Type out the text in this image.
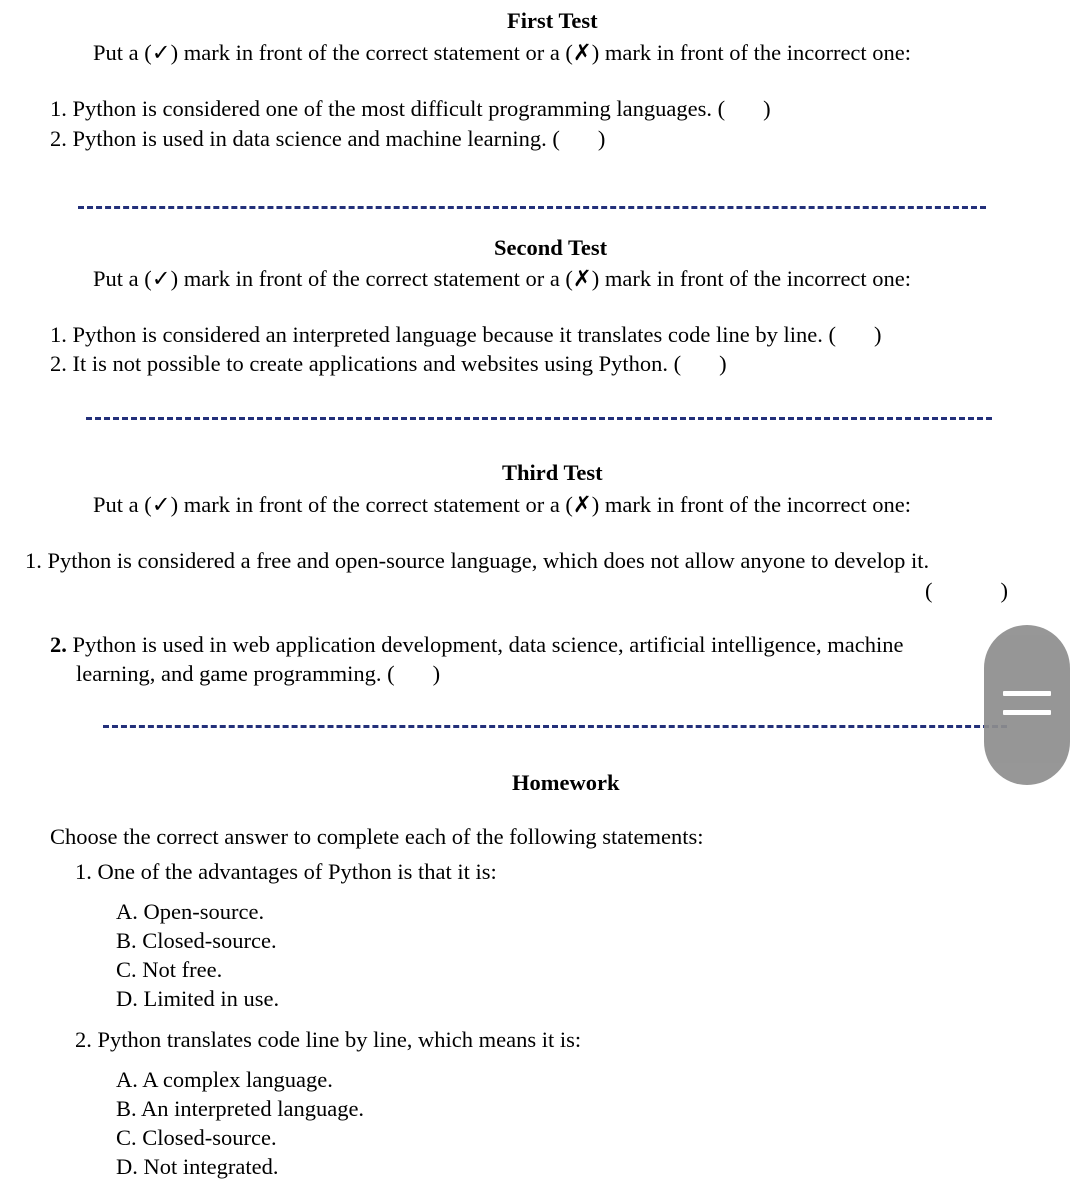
First Test
Put a (✓) mark in front of the correct statement or a (✗) mark in front of the incorrect one:
1. Python is considered one of the most difficult programming languages. ( )
2. Python is used in data science and machine learning. ( )
Second Test
Put a (✓) mark in front of the correct statement or a (✗) mark in front of the incorrect one:
1. Python is considered an interpreted language because it translates code line by line. ( )
2. It is not possible to create applications and websites using Python. ( )
Third Test
Put a (✓) mark in front of the correct statement or a (✗) mark in front of the incorrect one:
1. Python is considered a free and open-source language, which does not allow anyone to develop it.
(	)
2. Python is used in web application development, data science, artificial intelligence, machine
learning, and game programming. ( )
Homework
Choose the correct answer to complete each of the following statements:
1. One of the advantages of Python is that it is:
A. Open-source.
B. Closed-source.
C. Not free.
D. Limited in use.
2. Python translates code line by line, which means it is:
A. A complex language.
B. An interpreted language.
C. Closed-source.
D. Not integrated.
